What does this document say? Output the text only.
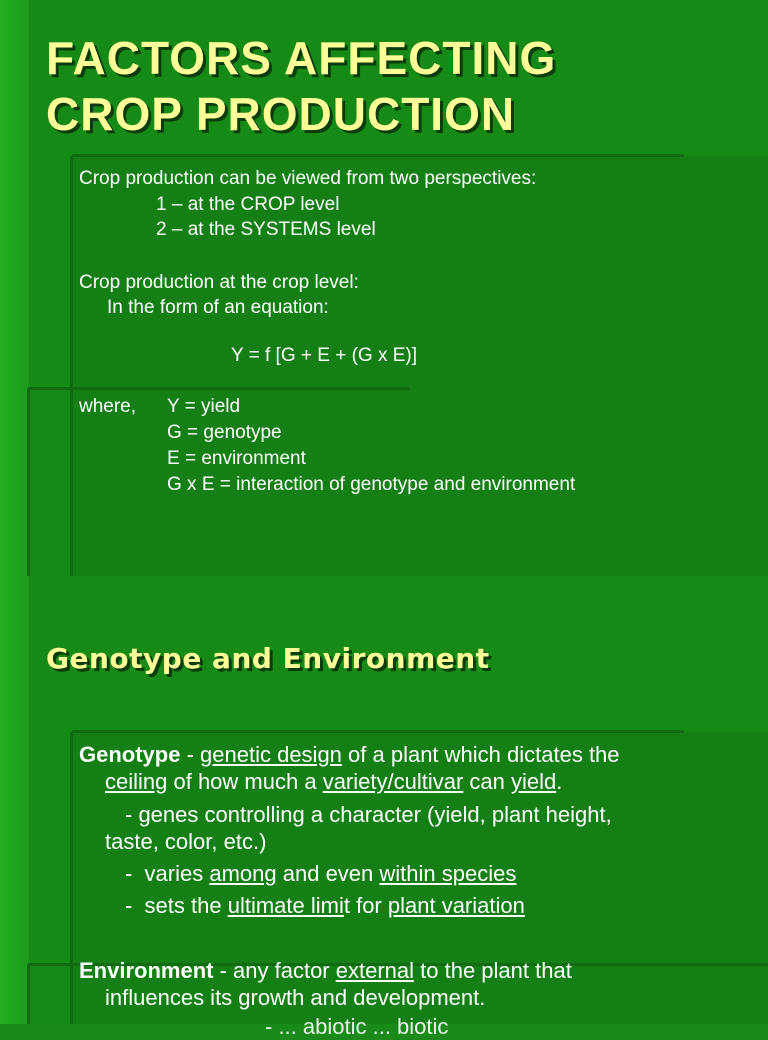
FACTORS AFFECTING
CROP PRODUCTION
Crop production can be viewed from two perspectives:
1 – at the CROP level
2 – at the SYSTEMS level
Crop production at the crop level:
In the form of an equation:
Y = f [G + E + (G x E)]
where, Y = yield
G = genotype
E = environment
G x E = interaction of genotype and environment
Genotype and Environment
Genotype - genetic design of a plant which dictates the
ceiling of how much a variety/cultivar can yield.
- genes controlling a character (yield, plant height,
taste, color, etc.)
-  varies among and even within species
-  sets the ultimate limit for plant variation
Environment - any factor external to the plant that
influences its growth and development.
- ... abiotic ... biotic
